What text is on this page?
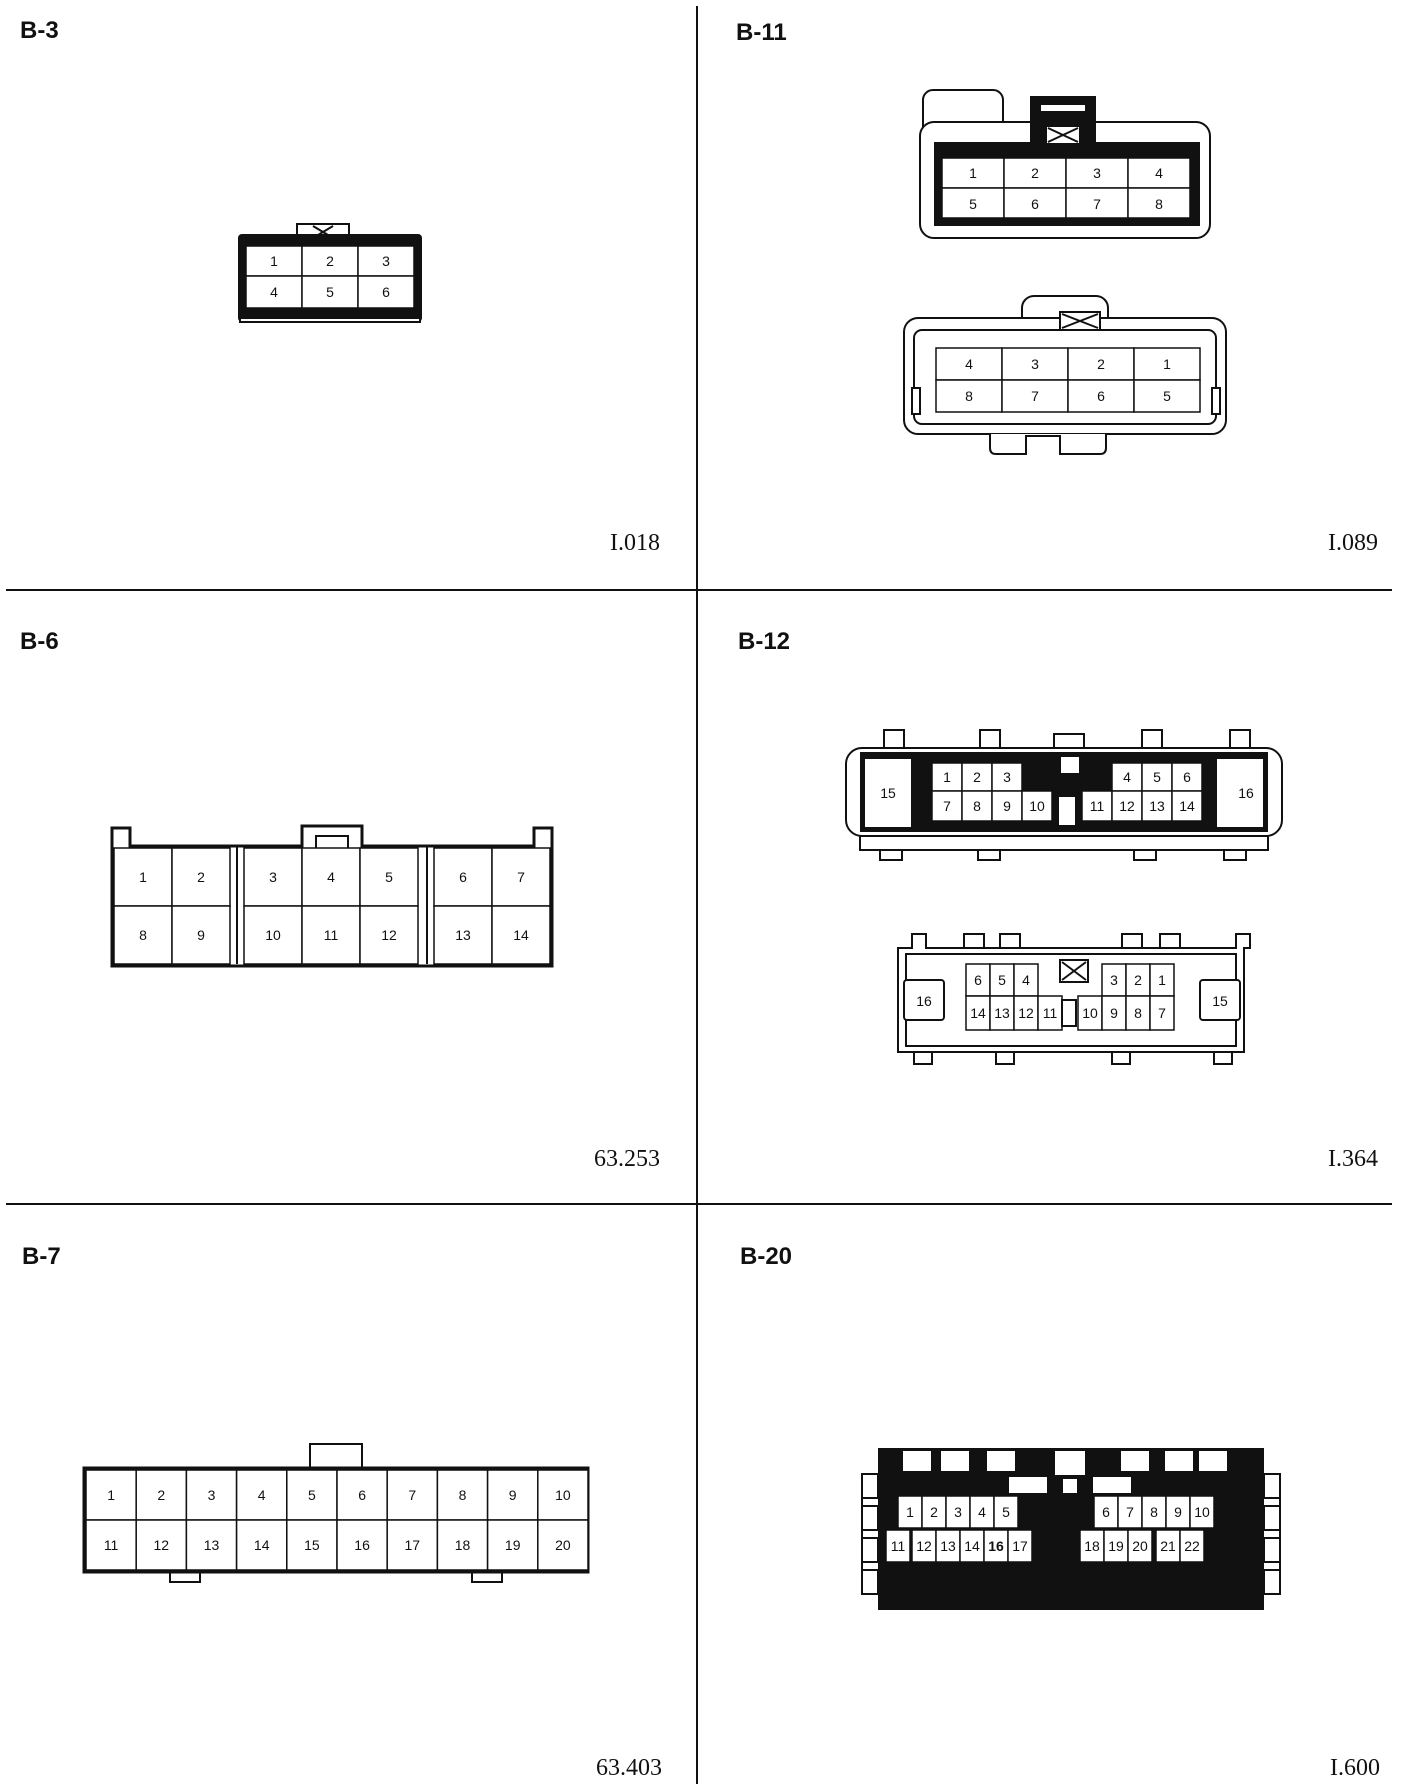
B-3
I.018
B-11
I.089
B-6
63.253
B-12
I.364
B-7
63.403
B-20
I.600
1	2	3
4	5	6
1	2	3	4
5	6	7	8
4	3	2	1
8	7	6	5
1	2	3	4	5	6	7
8	9	10	11	12	13	14
15
1 2 3	4 5 6
7 8 9 10	11 12 13 14
16
16
6 5 4	3 2 1
14 13 12 11 10 9 8 7
15
1	2	3	4	5	6	7	8	9	10
11	12 13 14 15 16 17 18 19 20
1 2 3 4 5	6 7 8 9 10
11 12 13 14 16 17	18 19 20 21 22
